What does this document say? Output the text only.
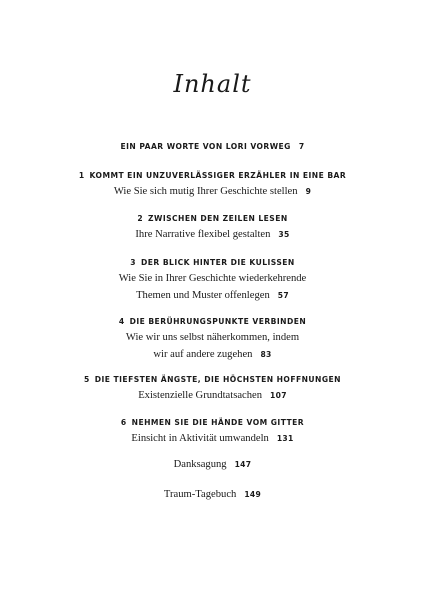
Inhalt
EIN PAAR WORTE VON LORI VORWEG 7
1 KOMMT EIN UNZUVERLÄSSIGER ERZÄHLER IN EINE BAR
Wie Sie sich mutig Ihrer Geschichte stellen 9
2 ZWISCHEN DEN ZEILEN LESEN
Ihre Narrative flexibel gestalten 35
3 DER BLICK HINTER DIE KULISSEN
Wie Sie in Ihrer Geschichte wiederkehrende
Themen und Muster offenlegen 57
4 DIE BERÜHRUNGSPUNKTE VERBINDEN
Wie wir uns selbst näherkommen, indem
wir auf andere zugehen 83
5 DIE TIEFSTEN ÄNGSTE, DIE HÖCHSTEN HOFFNUNGEN
Existenzielle Grundtatsachen 107
6 NEHMEN SIE DIE HÄNDE VOM GITTER
Einsicht in Aktivität umwandeln 131
Danksagung 147
Traum-Tagebuch 149
